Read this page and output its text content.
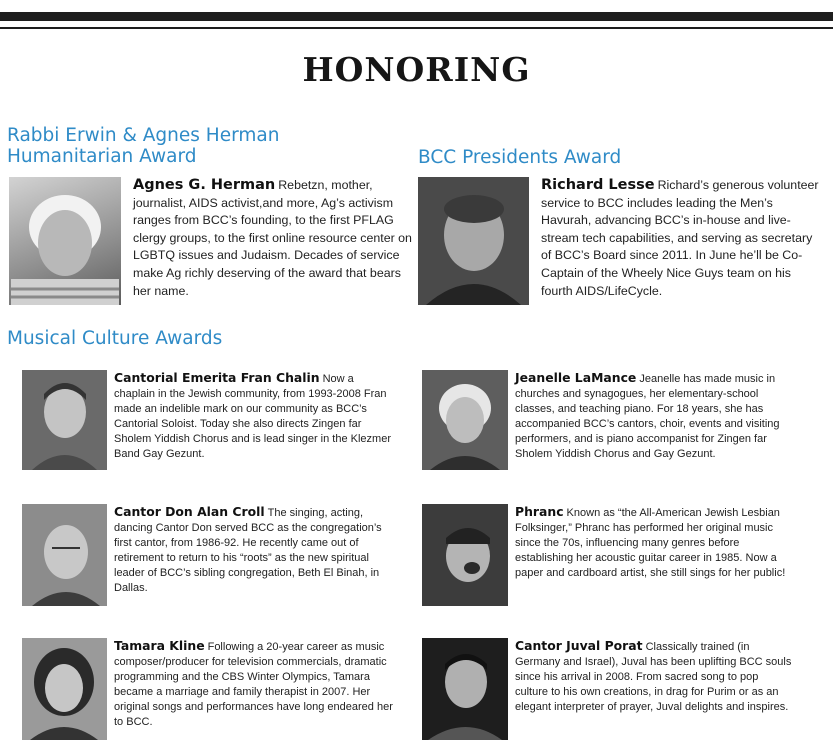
HONORING
Rabbi Erwin & Agnes Herman Humanitarian Award	BCC Presidents Award
Musical Culture Awards
Agnes G. Herman Rebetzn, mother, journalist, AIDS activist,and more, Ag’s activism ranges from BCC’s founding, to the first PFLAG clergy groups, to the first online resource center on LGBTQ issues and Judaism. Decades of service make Ag richly deserving of the award that bears her name.
Richard Lesse Richard’s generous volunteer service to BCC includes leading the Men’s Havurah, advancing BCC’s in-house and live-stream tech capabilities, and serving as secretary of BCC’s Board since 2011. In June he’ll be Co-Captain of the Wheely Nice Guys team on his fourth AIDS/LifeCycle.
Cantorial Emerita Fran Chalin Now a chaplain in the Jewish community, from 1993-2008 Fran made an indelible mark on our community as BCC’s Cantorial Soloist. Today she also directs Zingen far Sholem Yiddish Chorus and is lead singer in the Klezmer Band Gay Gezunt.
Jeanelle LaMance Jeanelle has made music in churches and synagogues, her elementary-school classes, and teaching piano. For 18 years, she has accompanied BCC’s cantors, choir, events and visiting performers, and is piano accompanist for Zingen far Sholem Yiddish Chorus and Gay Gezunt.
Cantor Don Alan Croll The singing, acting, dancing Cantor Don served BCC as the congregation’s first cantor, from 1986-92. He recently came out of retirement to return to his “roots” as the new spiritual leader of BCC’s sibling congregation, Beth El Binah, in Dallas.
Phranc Known as “the All-American Jewish Lesbian Folksinger,” Phranc has performed her original music since the 70s, influencing many genres before establishing her acoustic guitar career in 1985. Now a paper and cardboard artist, she still sings for her public!
Tamara Kline Following a 20-year career as music composer/producer for television commercials, dramatic programming and the CBS Winter Olympics, Tamara became a marriage and family therapist in 2007. Her original songs and performances have long endeared her to BCC.
Cantor Juval Porat Classically trained (in Germany and Israel), Juval has been uplifting BCC souls since his arrival in 2008. From sacred song to pop culture to his own creations, in drag for Purim or as an elegant interpreter of prayer, Juval delights and inspires.
